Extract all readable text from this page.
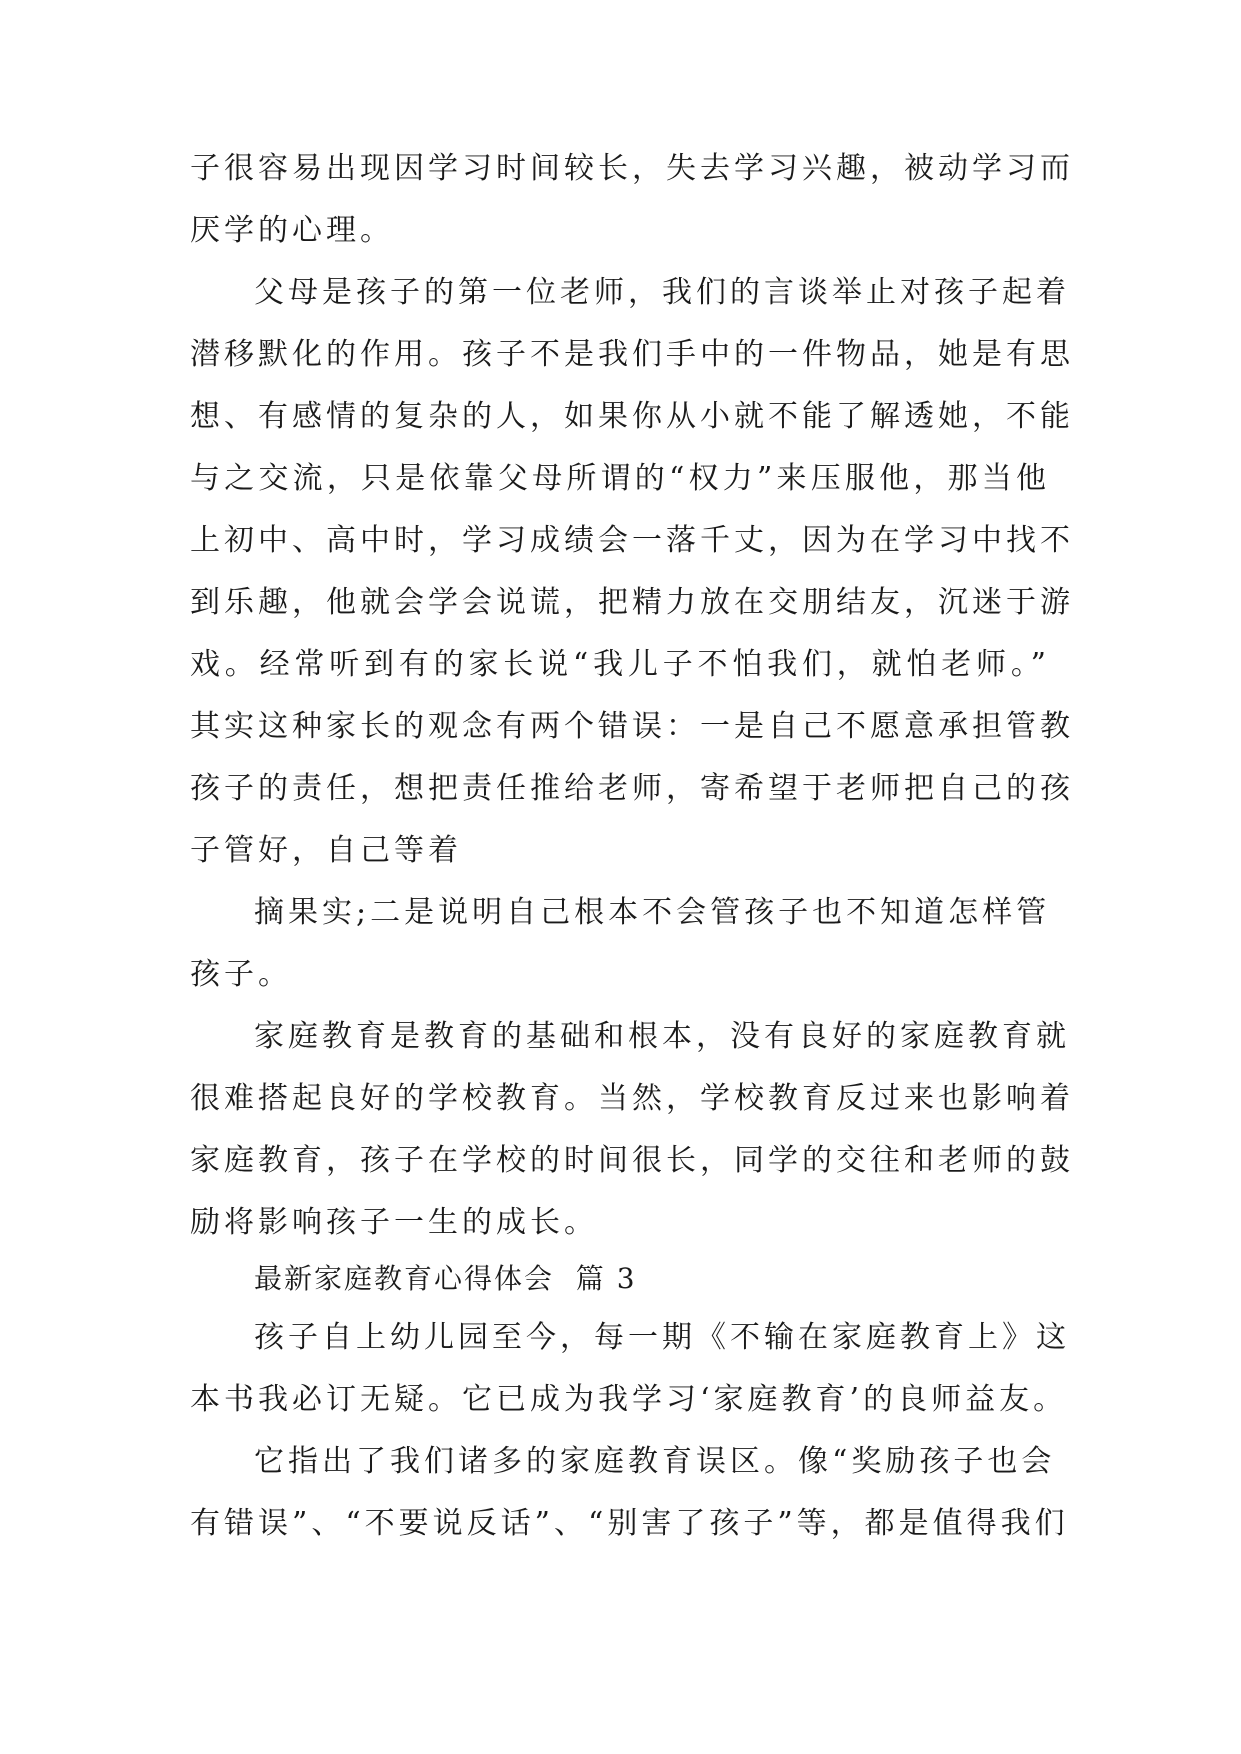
子很容易出现因学习时间较长，失去学习兴趣，被动学习而
厌学的心理。
父母是孩子的第一位老师，我们的言谈举止对孩子起着
潜移默化的作用。孩子不是我们手中的一件物品，她是有思
想、有感情的复杂的人，如果你从小就不能了解透她，不能
与之交流，只是依靠父母所谓的“权力”来压服他，那当他
上初中、高中时，学习成绩会一落千丈，因为在学习中找不
到乐趣，他就会学会说谎，把精力放在交朋结友，沉迷于游
戏。经常听到有的家长说“我儿子不怕我们，就怕老师。”
其实这种家长的观念有两个错误：一是自己不愿意承担管教
孩子的责任，想把责任推给老师，寄希望于老师把自己的孩
子管好，自己等着
摘果实;二是说明自己根本不会管孩子也不知道怎样管
孩子。
家庭教育是教育的基础和根本，没有良好的家庭教育就
很难搭起良好的学校教育。当然，学校教育反过来也影响着
家庭教育，孩子在学校的时间很长，同学的交往和老师的鼓
励将影响孩子一生的成长。
最新家庭教育心得体会  篇 3
孩子自上幼儿园至今，每一期《不输在家庭教育上》这
本书我必订无疑。它已成为我学习‘家庭教育’的良师益友。
它指出了我们诸多的家庭教育误区。像“奖励孩子也会
有错误”、“不要说反话”、“别害了孩子”等，都是值得我们
